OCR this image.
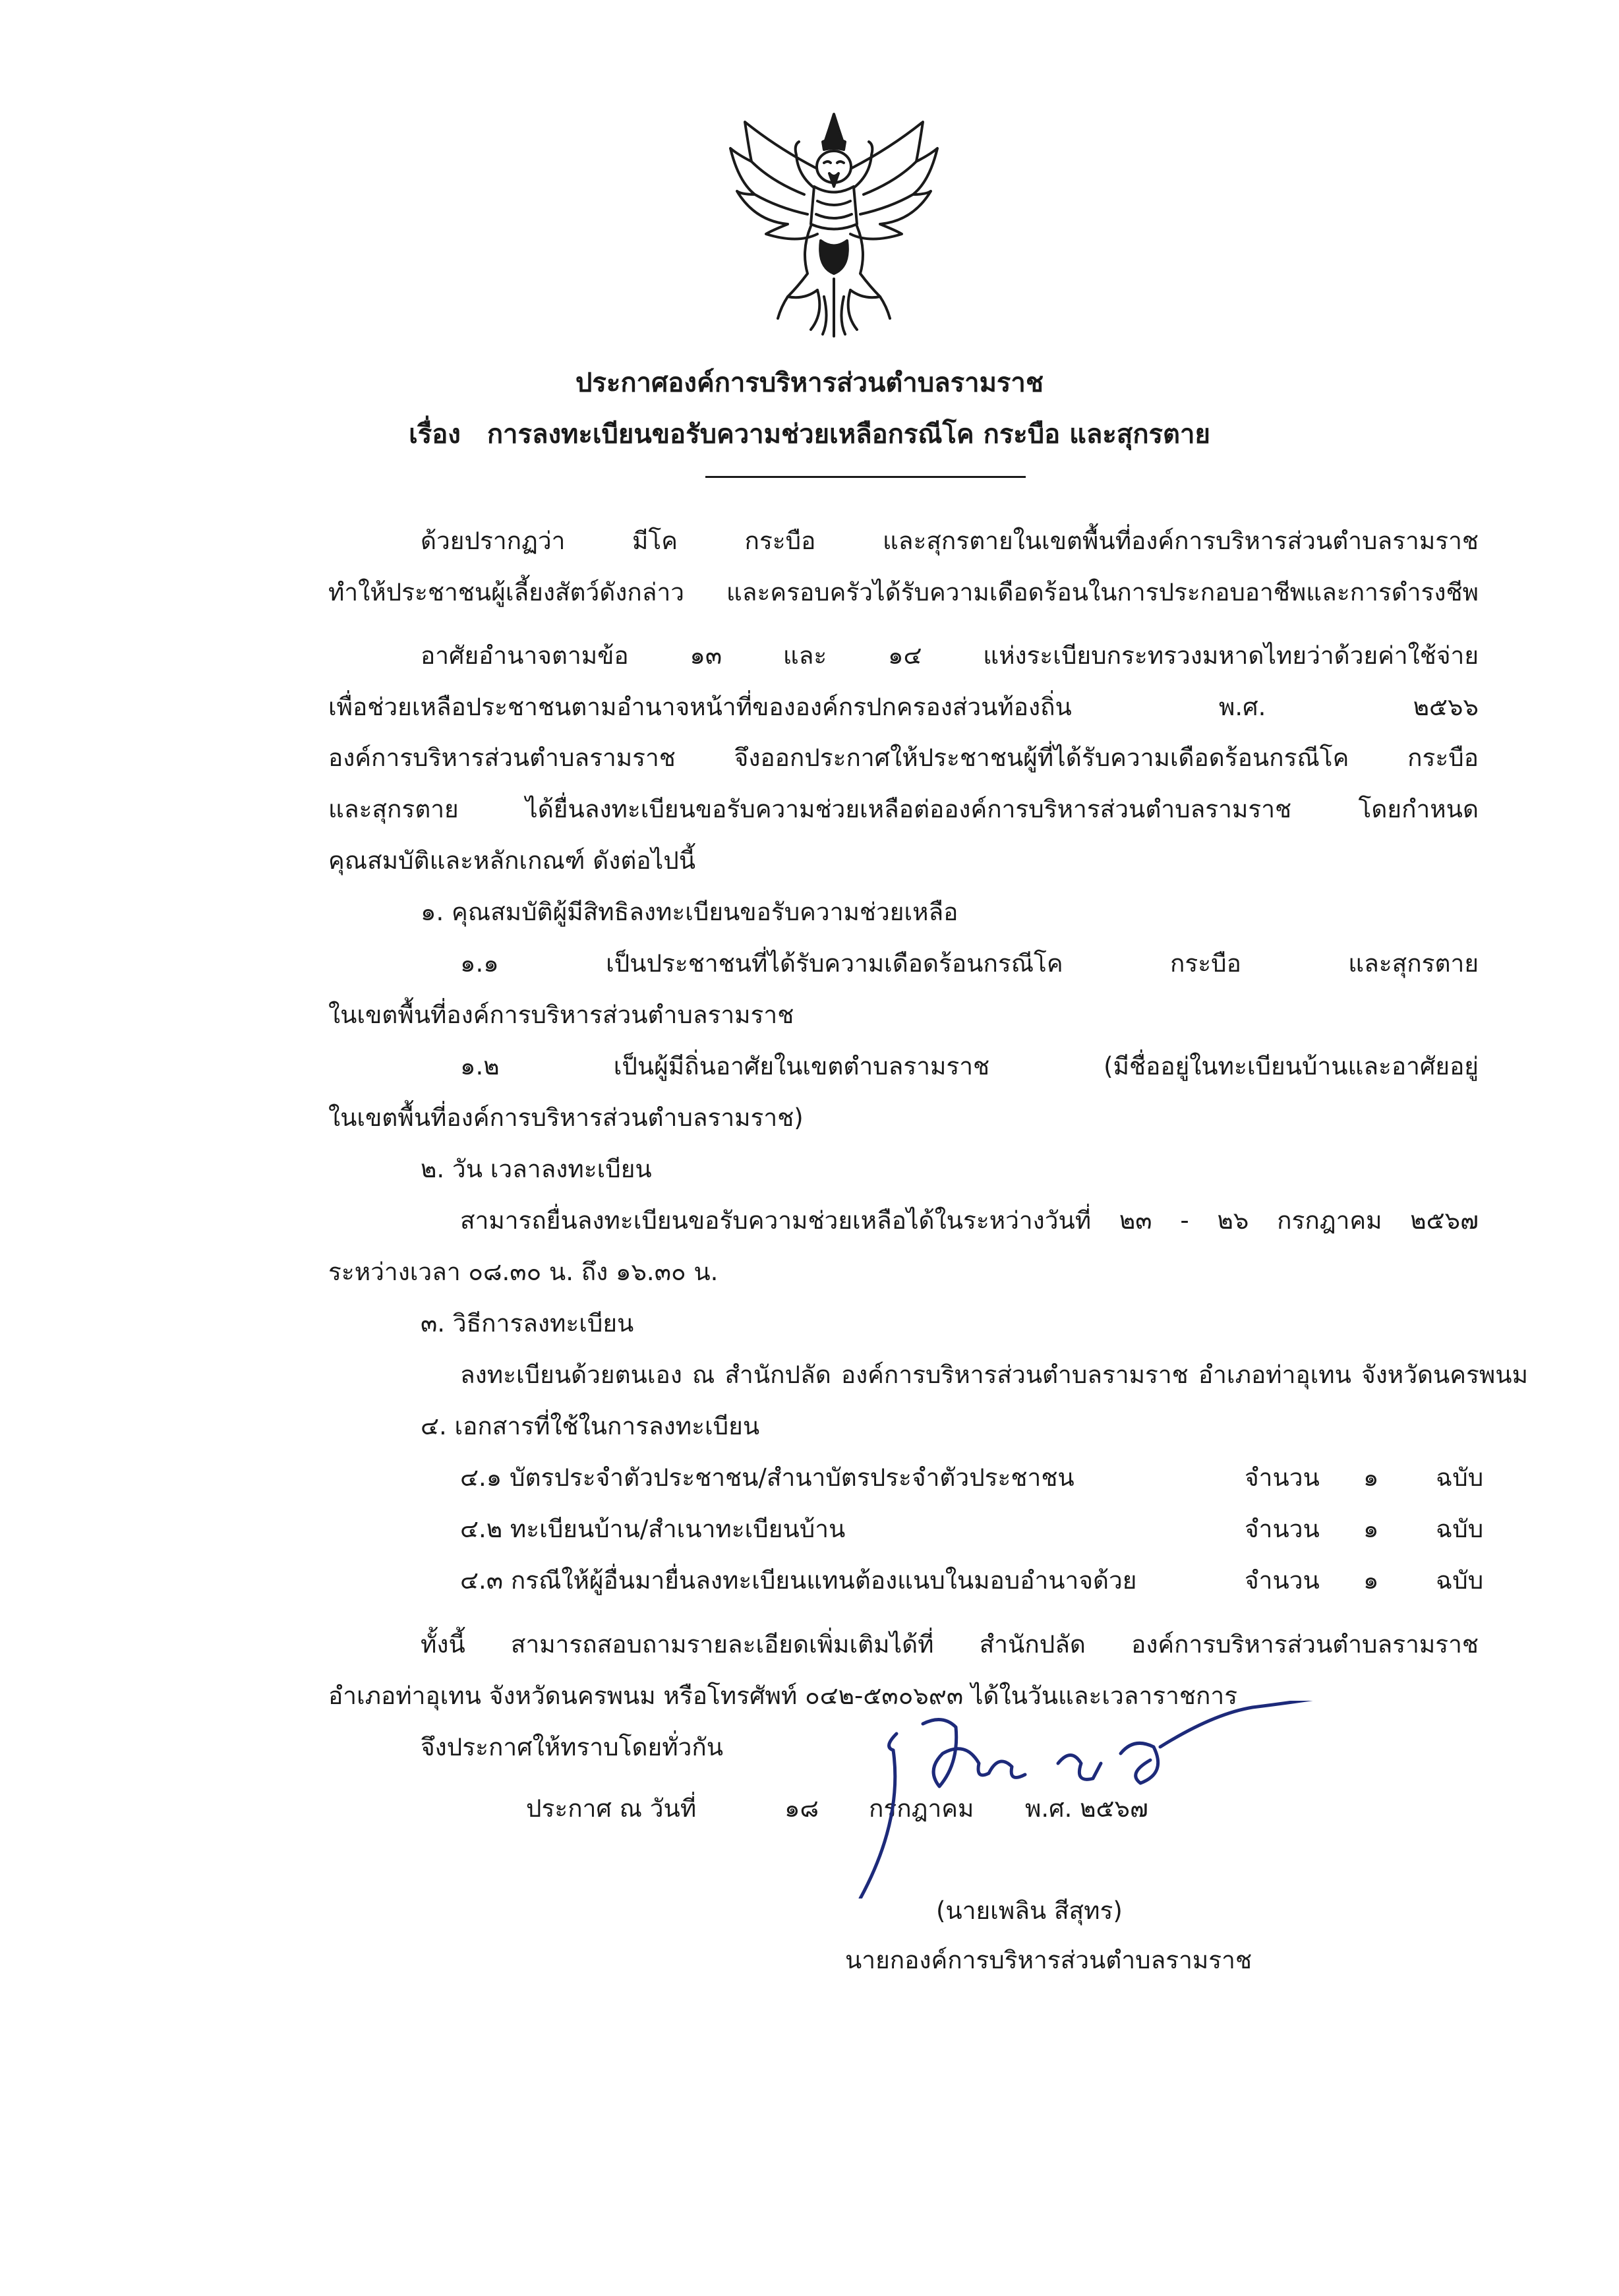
ประกาศองค์การบริหารส่วนตำบลรามราช
เรื่อง การลงทะเบียนขอรับความช่วยเหลือกรณีโค กระบือ และสุกรตาย
ด้วยปรากฏว่า มีโค กระบือ และสุกรตายในเขตพื้นที่องค์การบริหารส่วนตำบลรามราช
ทำให้ประชาชนผู้เลี้ยงสัตว์ดังกล่าว และครอบครัวได้รับความเดือดร้อนในการประกอบอาชีพและการดำรงชีพ
อาศัยอำนาจตามข้อ ๑๓ และ ๑๔ แห่งระเบียบกระทรวงมหาดไทยว่าด้วยค่าใช้จ่าย
เพื่อช่วยเหลือประชาชนตามอำนาจหน้าที่ขององค์กรปกครองส่วนท้องถิ่น พ.ศ. ๒๕๖๖
องค์การบริหารส่วนตำบลรามราช จึงออกประกาศให้ประชาชนผู้ที่ได้รับความเดือดร้อนกรณีโค กระบือ
และสุกรตาย ได้ยื่นลงทะเบียนขอรับความช่วยเหลือต่อองค์การบริหารส่วนตำบลรามราช โดยกำหนด
คุณสมบัติและหลักเกณฑ์ ดังต่อไปนี้
๑. คุณสมบัติผู้มีสิทธิลงทะเบียนขอรับความช่วยเหลือ
๑.๑ เป็นประชาชนที่ได้รับความเดือดร้อนกรณีโค กระบือ และสุกรตาย
ในเขตพื้นที่องค์การบริหารส่วนตำบลรามราช
๑.๒ เป็นผู้มีถิ่นอาศัยในเขตตำบลรามราช (มีชื่ออยู่ในทะเบียนบ้านและอาศัยอยู่
ในเขตพื้นที่องค์การบริหารส่วนตำบลรามราช)
๒. วัน เวลาลงทะเบียน
สามารถยื่นลงทะเบียนขอรับความช่วยเหลือได้ในระหว่างวันที่ ๒๓ - ๒๖ กรกฎาคม ๒๕๖๗
ระหว่างเวลา ๐๘.๓๐ น. ถึง ๑๖.๓๐ น.
๓. วิธีการลงทะเบียน
ลงทะเบียนด้วยตนเอง ณ สำนักปลัด องค์การบริหารส่วนตำบลรามราช อำเภอท่าอุเทน จังหวัดนครพนม
๔. เอกสารที่ใช้ในการลงทะเบียน
๔.๑ บัตรประจำตัวประชาชน/สำนาบัตรประจำตัวประชาชน	จำนวน ๑ ฉบับ
๔.๒ ทะเบียนบ้าน/สำเนาทะเบียนบ้าน	จำนวน ๑ ฉบับ
๔.๓ กรณีให้ผู้อื่นมายื่นลงทะเบียนแทนต้องแนบในมอบอำนาจด้วย	จำนวน ๑ ฉบับ
ทั้งนี้ สามารถสอบถามรายละเอียดเพิ่มเติมได้ที่ สำนักปลัด องค์การบริหารส่วนตำบลรามราช
อำเภอท่าอุเทน จังหวัดนครพนม หรือโทรศัพท์ ๐๔๒-๕๓๐๖๙๓ ได้ในวันและเวลาราชการ
จึงประกาศให้ทราบโดยทั่วกัน
ประกาศ ณ วันที่	๑๘ กรกฎาคม พ.ศ. ๒๕๖๗
(นายเพลิน สีสุทร)
นายกองค์การบริหารส่วนตำบลรามราช
